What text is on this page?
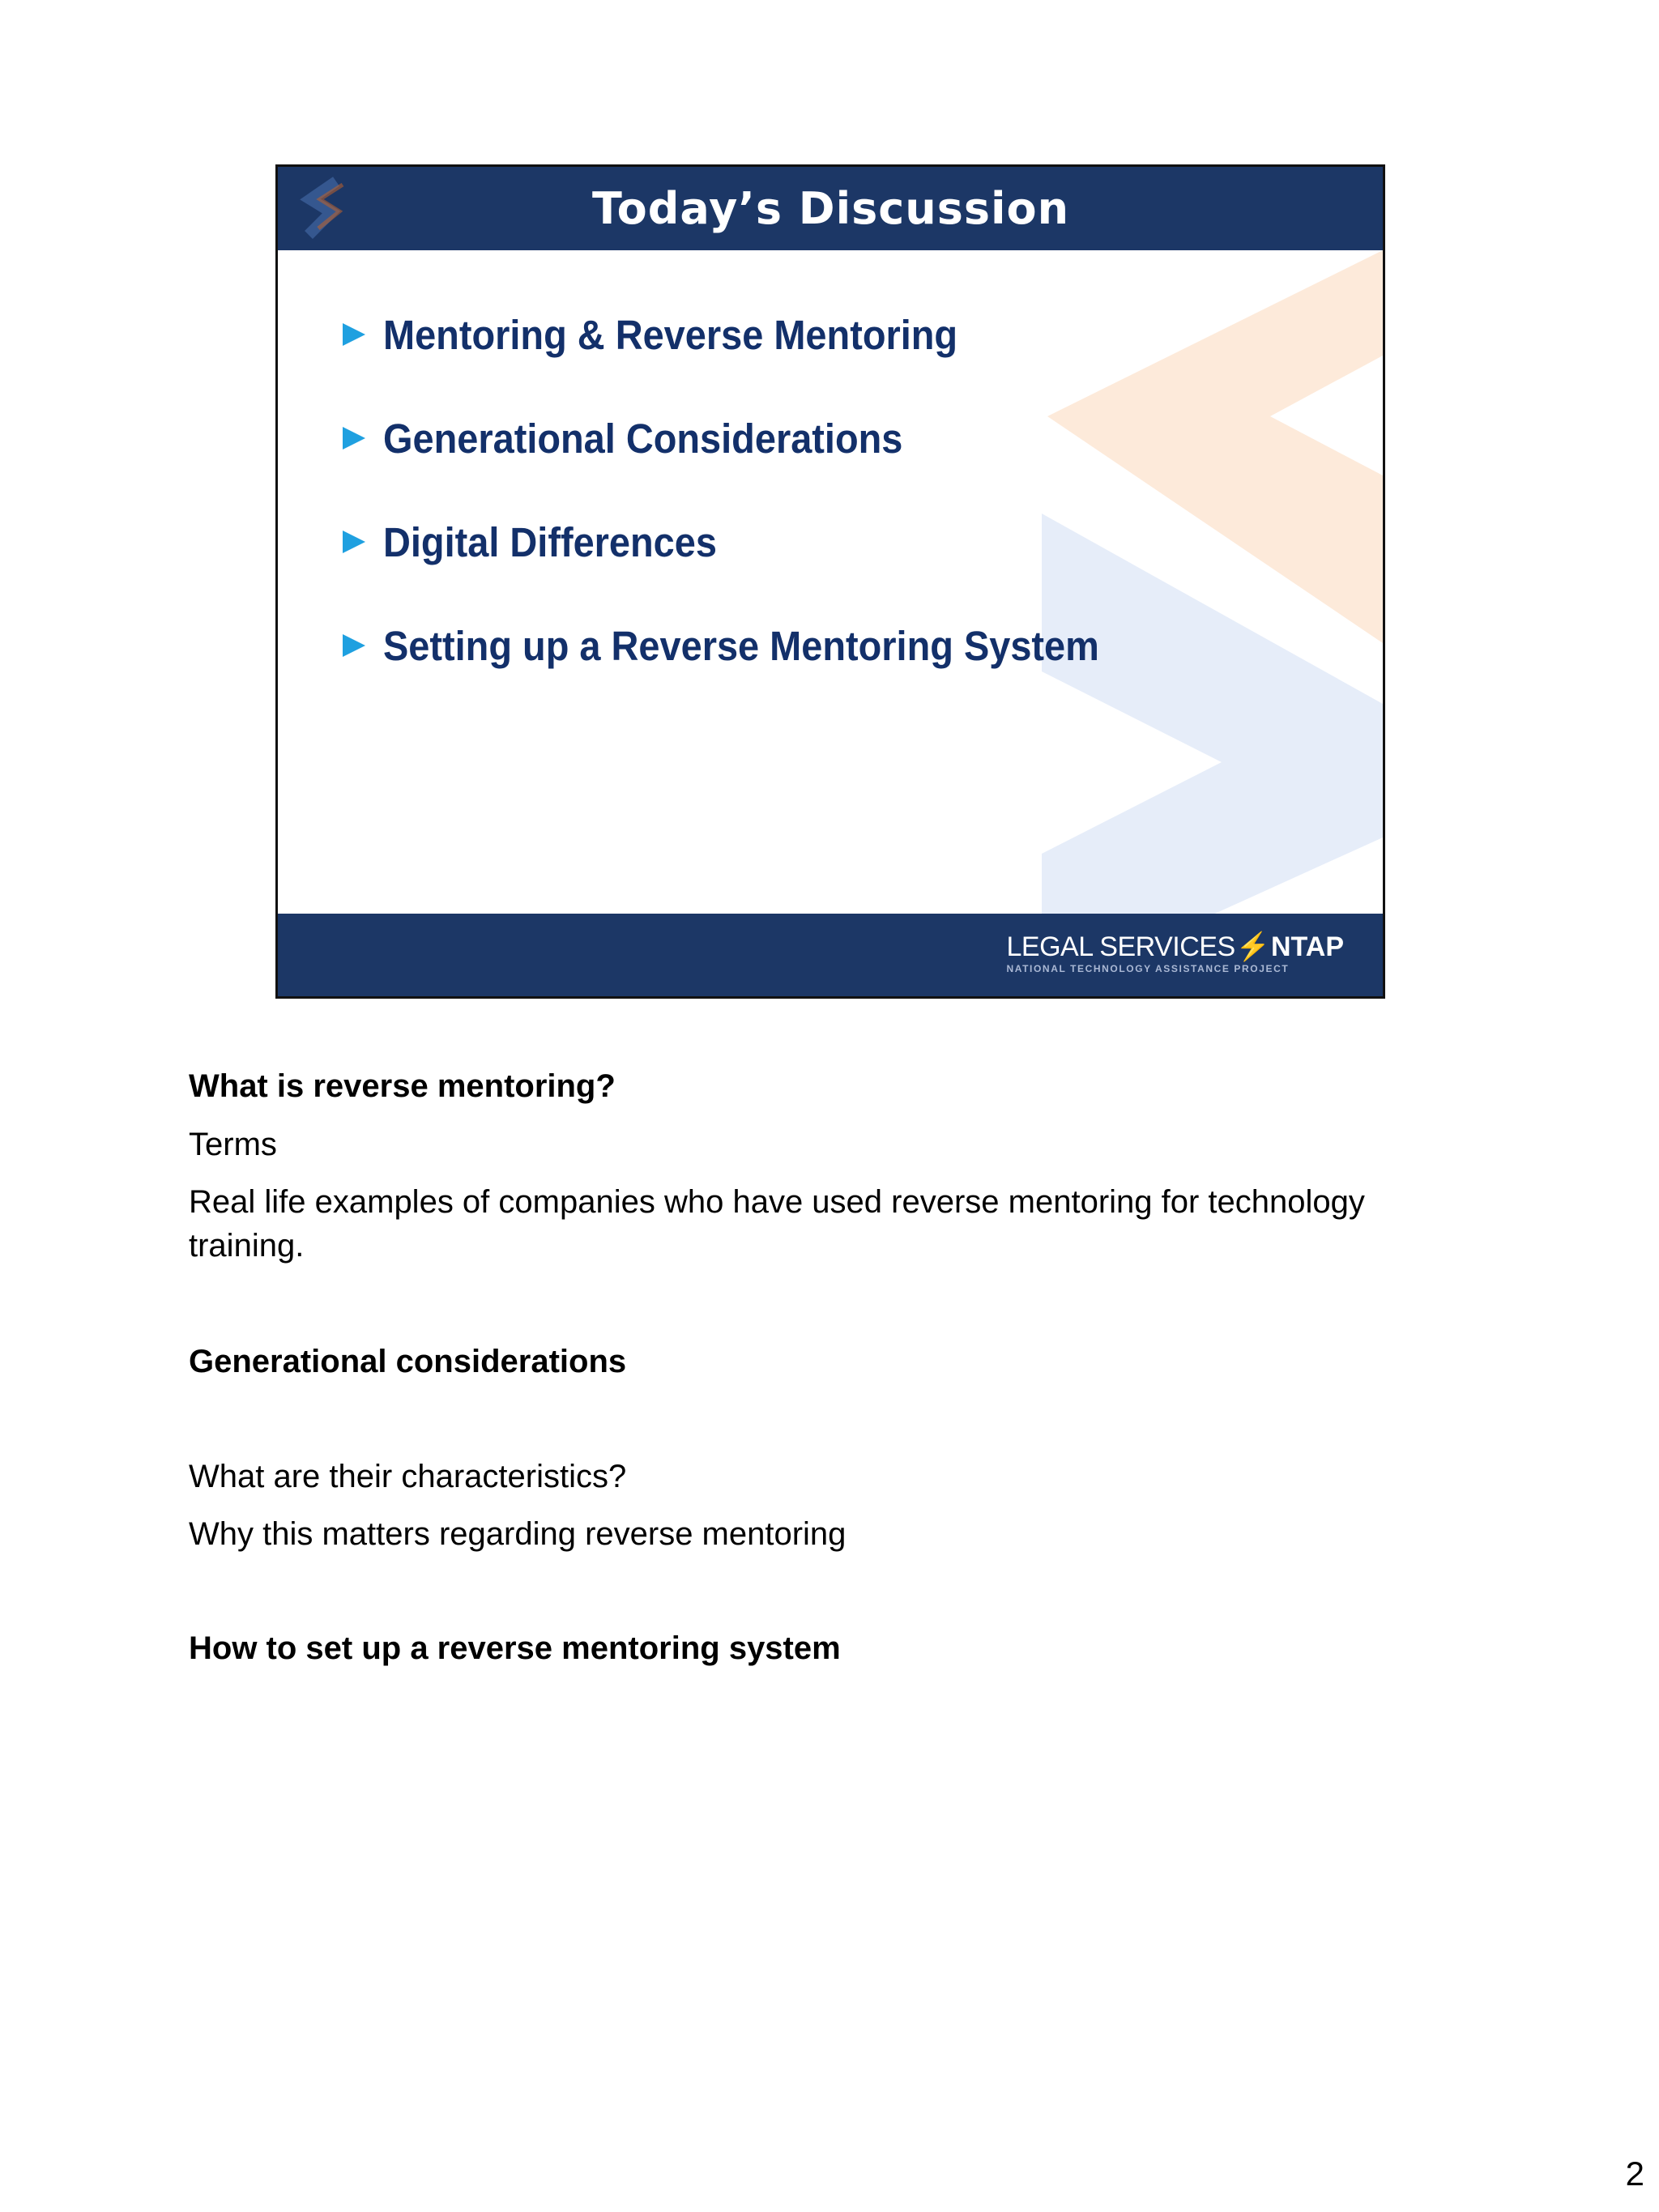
Today’s Discussion
Mentoring & Reverse Mentoring
Generational Considerations
Digital Differences
Setting up a Reverse Mentoring System
LEGAL SERVICES⚡NTAP
NATIONAL TECHNOLOGY ASSISTANCE PROJECT

What is reverse mentoring?

Terms

Real life examples of companies who have used reverse mentoring for technology training.

Generational considerations

What are their characteristics?

Why this matters regarding reverse mentoring

How to set up a reverse mentoring system

2
